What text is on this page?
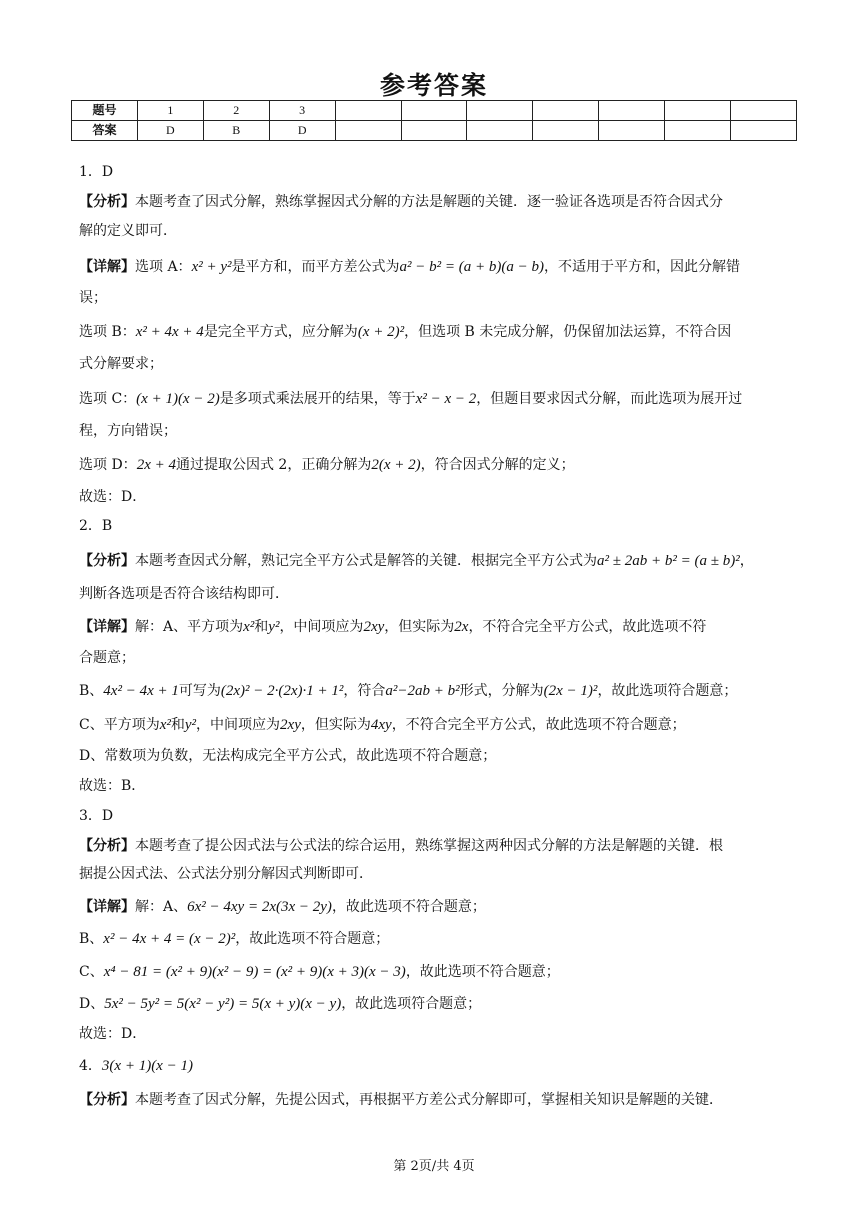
参考答案
题号	1	2	3							
答案	D	B	D							
1．D
【分析】本题考查了因式分解，熟练掌握因式分解的方法是解题的关键．逐一验证各选项是否符合因式分
解的定义即可．
【详解】选项 A：x² + y²是平方和，而平方差公式为a² − b² = (a + b)(a − b)，不适用于平方和，因此分解错
误；
选项 B：x² + 4x + 4是完全平方式，应分解为(x + 2)²，但选项 B 未完成分解，仍保留加法运算，不符合因
式分解要求；
选项 C：(x + 1)(x − 2)是多项式乘法展开的结果，等于x² − x − 2，但题目要求因式分解，而此选项为展开过
程，方向错误；
选项 D：2x + 4通过提取公因式 2，正确分解为2(x + 2)，符合因式分解的定义；
故选：D．
2．B
【分析】本题考查因式分解，熟记完全平方公式是解答的关键．根据完全平方公式为a² ± 2ab + b² = (a ± b)²，
判断各选项是否符合该结构即可．
【详解】解：A、平方项为x²和y²，中间项应为2xy，但实际为2x，不符合完全平方公式，故此选项不符
合题意；
B、4x² − 4x + 1可写为(2x)² − 2·(2x)·1 + 1²，符合a²−2ab + b²形式，分解为(2x − 1)²，故此选项符合题意；
C、平方项为x²和y²，中间项应为2xy，但实际为4xy，不符合完全平方公式，故此选项不符合题意；
D、常数项为负数，无法构成完全平方公式，故此选项不符合题意；
故选：B．
3．D
【分析】本题考查了提公因式法与公式法的综合运用，熟练掌握这两种因式分解的方法是解题的关键．根
据提公因式法、公式法分别分解因式判断即可．
【详解】解：A、6x² − 4xy = 2x(3x − 2y)，故此选项不符合题意；
B、x² − 4x + 4 = (x − 2)²，故此选项不符合题意；
C、x⁴ − 81 = (x² + 9)(x² − 9) = (x² + 9)(x + 3)(x − 3)，故此选项不符合题意；
D、5x² − 5y² = 5(x² − y²) = 5(x + y)(x − y)，故此选项符合题意；
故选：D．
4．3(x + 1)(x − 1)
【分析】本题考查了因式分解，先提公因式，再根据平方差公式分解即可，掌握相关知识是解题的关键．
第 2页/共 4页
